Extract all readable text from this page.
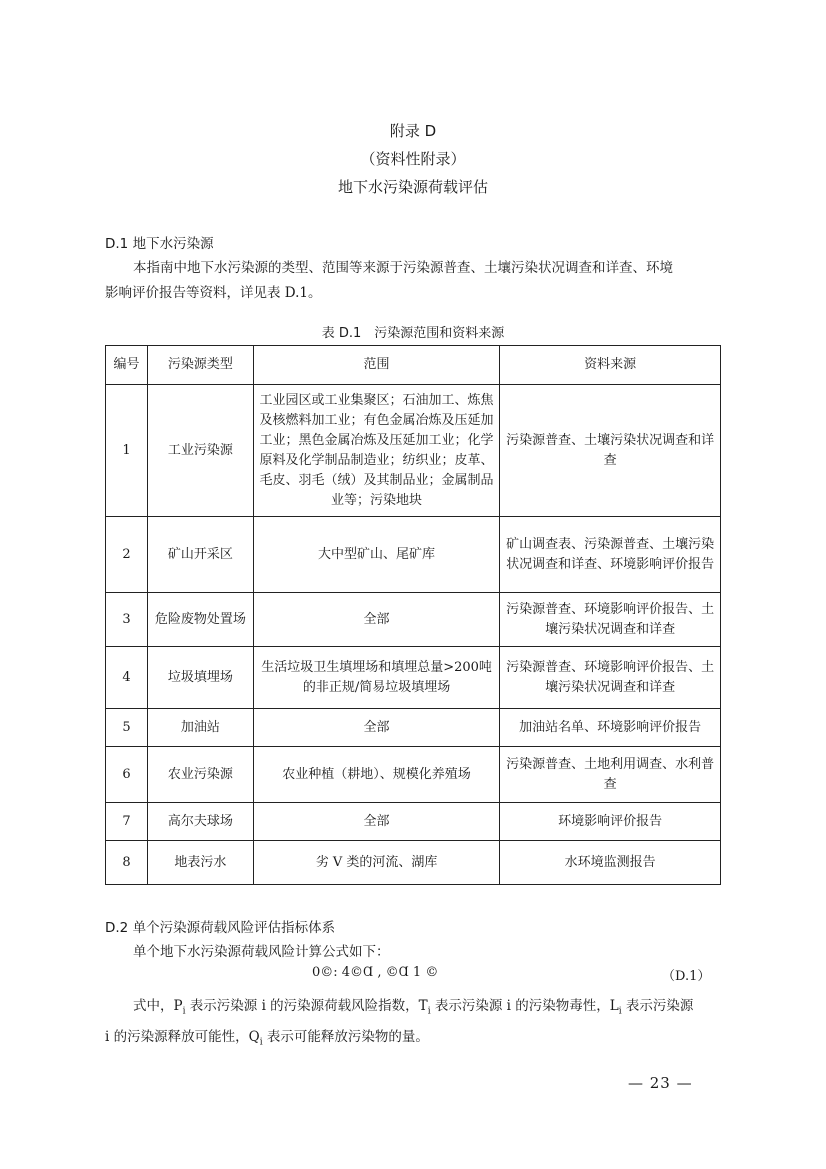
附录 D
（资料性附录）
地下水污染源荷载评估
D.1 地下水污染源
本指南中地下水污染源的类型、范围等来源于污染源普查、土壤污染状况调查和详查、环境
影响评价报告等资料，详见表 D.1。
表 D.1　污染源范围和资料来源
编号	污染源类型	范围	资料来源
1	工业污染源	工业园区或工业集聚区；石油加工、炼焦及核燃料加工业；有色金属冶炼及压延加工业；黑色金属冶炼及压延加工业；化学原料及化学制品制造业；纺织业；皮革、毛皮、羽毛（绒）及其制品业；金属制品业等；污染地块	污染源普查、土壤污染状况调查和详查
2	矿山开采区	大中型矿山、尾矿库	矿山调查表、污染源普查、土壤污染状况调查和详查、环境影响评价报告
3	危险废物处置场	全部	污染源普查、环境影响评价报告、土壤污染状况调查和详查
4	垃圾填埋场	生活垃圾卫生填埋场和填埋总量>200吨的非正规/简易垃圾填埋场	污染源普查、环境影响评价报告、土壤污染状况调查和详查
5	加油站	全部	加油站名单、环境影响评价报告
6	农业污染源	农业种植（耕地）、规模化养殖场	污染源普查、土地利用调查、水利普查
7	高尔夫球场	全部	环境影响评价报告
8	地表污水	劣 V 类的河流、湖库	水环境监测报告
D.2 单个污染源荷载风险评估指标体系
单个地下水污染源荷载风险计算公式如下：
0©: 4©Ɑ , ©Ɑ 1 ©	（D.1）
式中，$P_i$ 表示污染源 i 的污染源荷载风险指数，$T_i$ 表示污染源 i 的污染物毒性，$L_i$ 表示污染源
i 的污染源释放可能性，$Q_i$ 表示可能释放污染物的量。
— 23 —
